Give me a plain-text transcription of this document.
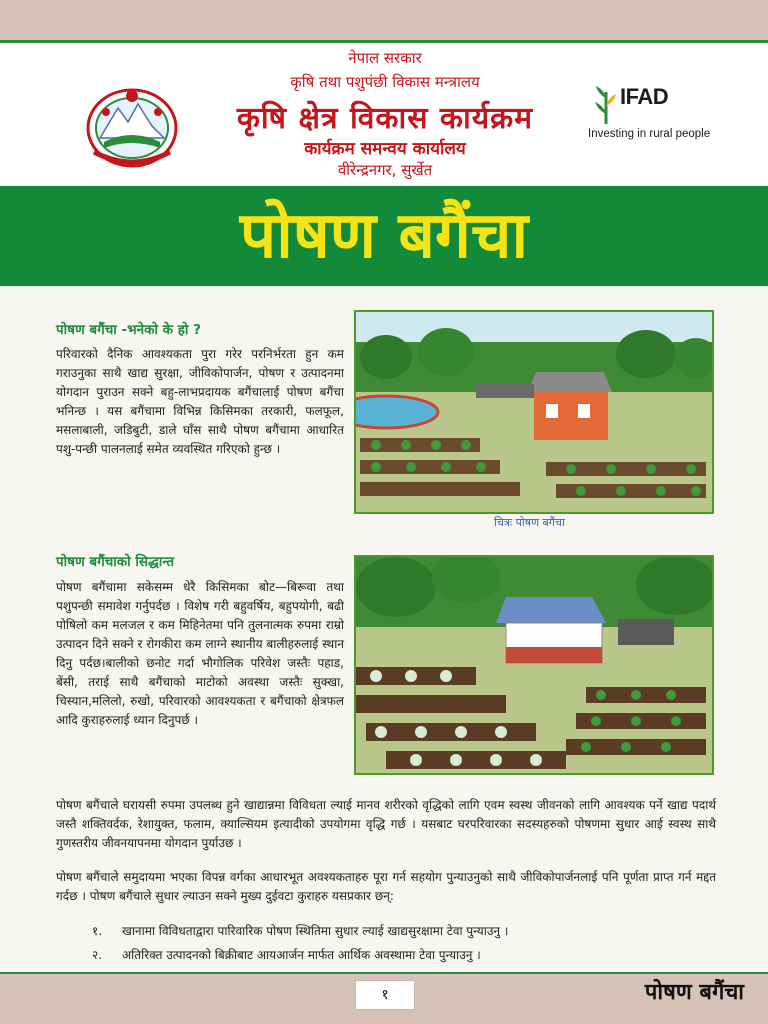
नेपाल सरकार
कृषि तथा पशुपंछी विकास मन्त्रालय
कृषि क्षेत्र विकास कार्यक्रम
कार्यक्रम समन्वय कार्यालय
वीरेन्द्रनगर, सुर्खेत
IFAD
Investing in rural people
पोषण बगैंचा
पोषण बगैंचा -भनेको के हो ?
परिवारको दैनिक आवश्यकता पुरा गरेर परनिर्भरता हुन कम गराउनुका साथै खाद्य सुरक्षा, जीविकोपार्जन, पोषण र उत्पादनमा योगदान पुराउन सक्ने बहु-लाभप्रदायक बगैंचालाई पोषण बगैंचा भनिन्छ । यस बगैंचामा विभिन्न किसिमका तरकारी, फलफूल, मसलाबाली, जडिबुटी, डाले घाँस साथै पोषण बगैंचामा आधारित पशु-पन्छी पालनलाई समेत व्यवस्थित गरिएको हुन्छ ।
चित्रः पोषण बगैंचा
पोषण बगैंचाको सिद्धान्त
पोषण बगैंचामा सकेसम्म धेरै किसिमका बोट—बिरूवा तथा पशुपन्छी समावेश गर्नुपर्दछ । विशेष गरी बहुवर्षिय, बहुपयोगी, बढी पोषिलो कम मलजल र कम मिहिनेतमा पनि तुलनात्मक रुपमा राम्रो उत्पादन दिने सक्ने र रोगकीरा कम लाग्ने स्थानीय बालीहरुलाई स्थान दिनु पर्दछ।बालीको छनोट गर्दा भौगोलिक परिवेश जस्तैः पहाड, बेंसी, तराई साथै बगैंचाको माटोको अवस्था जस्तैः सुक्खा, चिस्यान,मलिलो, रुखो, परिवारको आवश्यकता र बगैंचाको क्षेत्रफल आदि कुराहरुलाई ध्यान दिनुपर्छ ।
पोषण बगैंचाले घरायसी रुपमा उपलब्ध हुने खाद्यान्नमा विविधता ल्याई मानव शरीरको वृद्धिको लागि एवम स्वस्थ जीवनको लागि आवश्यक पर्ने खाद्य पदार्थ जस्तै शक्तिवर्दक, रेशायुक्त, फलाम, क्याल्सियम इत्यादीको उपयोगमा वृद्धि गर्छ । यसबाट घरपरिवारका सदस्यहरुको पोषणमा सुधार आई स्वस्थ साथै गुणस्तरीय जीवनयापनमा योगदान पुर्याउछ ।
पोषण बगैंचाले समुदायमा भएका विपन्न वर्गका आधारभूत अवश्यकताहरु पूरा गर्न सहयोग पुन्याउनुको साथै जीविकोपार्जनलाई पनि पूर्णता प्राप्त गर्न मद्दत गर्दछ । पोषण बगैंचाले सुधार ल्याउन सक्ने मुख्य दुईवटा कुराहरु यसप्रकार छन्:
१. खानामा विविधताद्वारा पारिवारिक पोषण स्थितिमा सुधार ल्याई खाद्यसुरक्षामा टेवा पुन्याउनु ।
२. अतिरिक्त उत्पादनको बिक्रीबाट आयआर्जन मार्फत आर्थिक अवस्थामा टेवा पुन्याउनु ।
१	पोषण बगैंचा
